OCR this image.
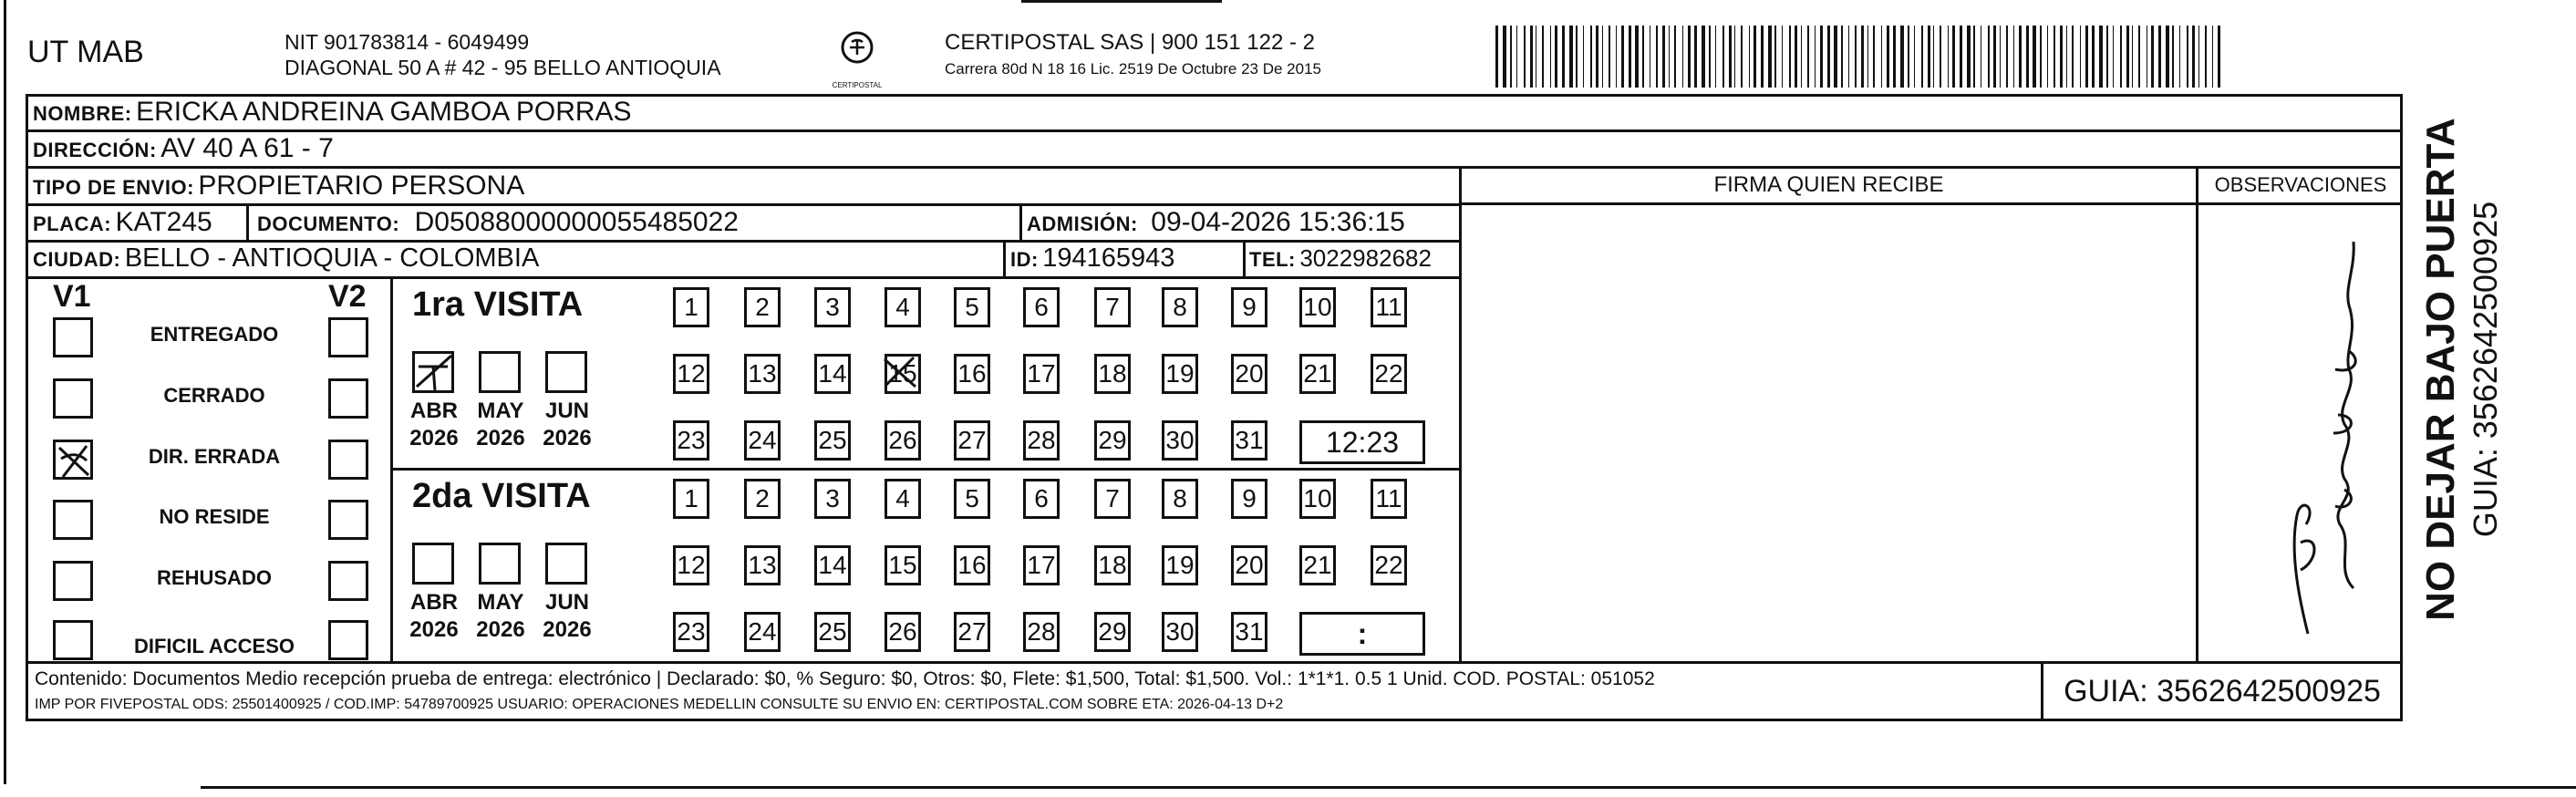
UT MAB	NIT 901783814 - 6049499
DIAGONAL 50 A # 42 - 95 BELLO ANTIOQUIA
CERTIPOSTAL
CERTIPOSTAL SAS | 900 151 122 - 2
Carrera 80d N 18 16 Lic. 2519 De Octubre 23 De 2015
NOMBRE: ERICKA ANDREINA GAMBOA PORRAS
DIRECCIÓN: AV 40 A 61 - 7
TIPO DE ENVIO: PROPIETARIO PERSONA
PLACA: KAT245 DOCUMENTO: D05088000000055485022	ADMISIÓN: 09-04-2026 15:36:15
CIUDAD: BELLO - ANTIOQUIA - COLOMBIA	ID: 194165943	TEL: 3022982682
FIRMA QUIEN RECIBE	OBSERVACIONES
V1	V2
ENTREGADO
CERRADO
DIR. ERRADA
NO RESIDE
REHUSADO
DIFICIL ACCESO
1ra VISITA
ABR
2026
MAY
2026
JUN
2026
1	2	3	4	5	6	7	8	9	10 11
12 13 14 15 16 17 18 19 20 21 22
23 24 25 26 27 28 29 30 31	12:23
2da VISITA
ABR
2026
MAY
2026
JUN
2026
1	2	3	4	5	6	7	8	9	10 11
12 13 14 15 16 17 18 19 20 21 22
23 24 25 26 27 28 29 30 31	:
Contenido: Documentos Medio recepción prueba de entrega: electrónico | Declarado: $0, % Seguro: $0, Otros: $0, Flete: $1,500, Total: $1,500. Vol.: 1*1*1. 0.5 1 Unid. COD. POSTAL: 051052
IMP POR FIVEPOSTAL ODS: 25501400925 / COD.IMP: 54789700925 USUARIO: OPERACIONES MEDELLIN CONSULTE SU ENVIO EN: CERTIPOSTAL.COM SOBRE ETA: 2026-04-13 D+2	GUIA: 3562642500925
NO DEJAR BAJO PUERTA GUIA: 3562642500925
